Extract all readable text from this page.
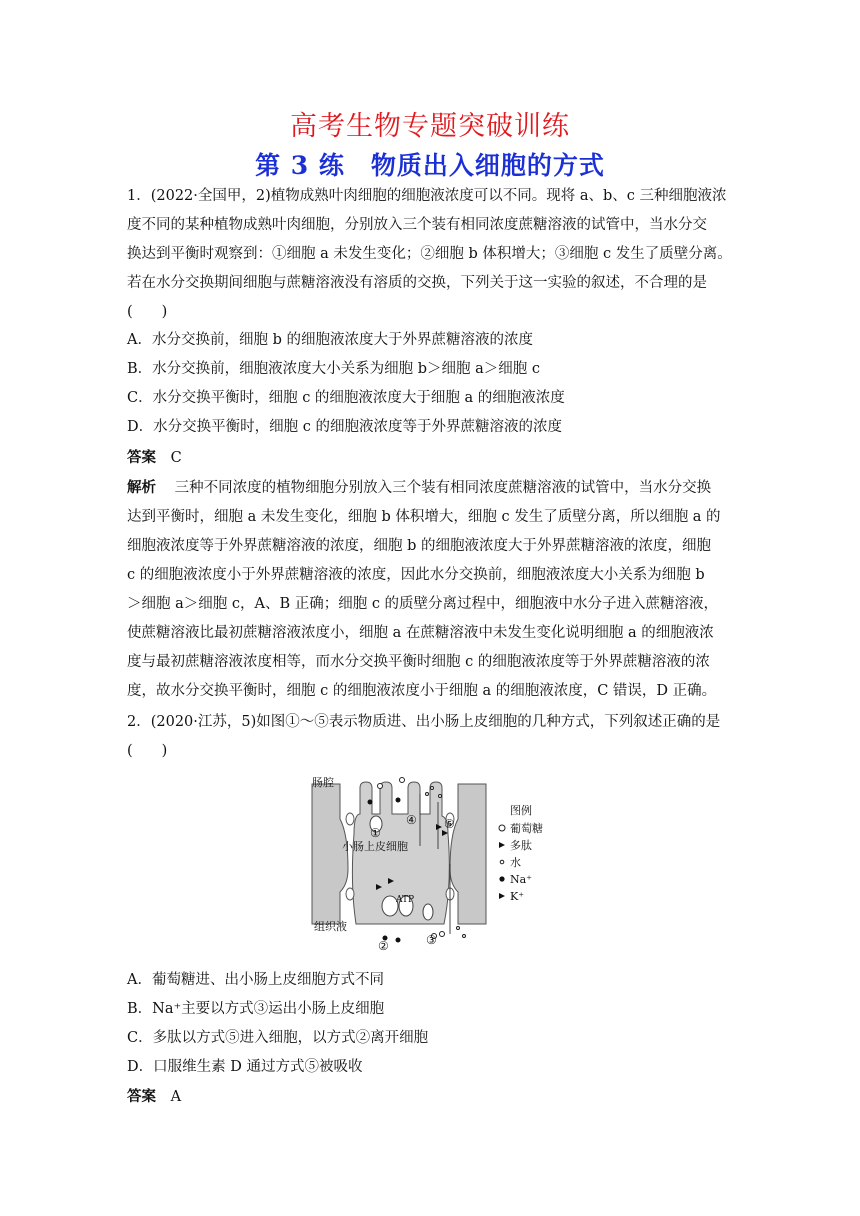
高考生物专题突破训练
第 3 练　物质出入细胞的方式
1．(2022·全国甲，2)植物成熟叶肉细胞的细胞液浓度可以不同。现将 a、b、c 三种细胞液浓
度不同的某种植物成熟叶肉细胞，分别放入三个装有相同浓度蔗糖溶液的试管中，当水分交
换达到平衡时观察到：①细胞 a 未发生变化；②细胞 b 体积增大；③细胞 c 发生了质壁分离。
若在水分交换期间细胞与蔗糖溶液没有溶质的交换，下列关于这一实验的叙述，不合理的是
(　　)
A．水分交换前，细胞 b 的细胞液浓度大于外界蔗糖溶液的浓度
B．水分交换前，细胞液浓度大小关系为细胞 b＞细胞 a＞细胞 c
C．水分交换平衡时，细胞 c 的细胞液浓度大于细胞 a 的细胞液浓度
D．水分交换平衡时，细胞 c 的细胞液浓度等于外界蔗糖溶液的浓度
答案 C
解析 三种不同浓度的植物细胞分别放入三个装有相同浓度蔗糖溶液的试管中，当水分交换
达到平衡时，细胞 a 未发生变化，细胞 b 体积增大，细胞 c 发生了质壁分离，所以细胞 a 的
细胞液浓度等于外界蔗糖溶液的浓度，细胞 b 的细胞液浓度大于外界蔗糖溶液的浓度，细胞
c 的细胞液浓度小于外界蔗糖溶液的浓度，因此水分交换前，细胞液浓度大小关系为细胞 b
＞细胞 a＞细胞 c，A、B 正确；细胞 c 的质壁分离过程中，细胞液中水分子进入蔗糖溶液，
使蔗糖溶液比最初蔗糖溶液浓度小，细胞 a 在蔗糖溶液中未发生变化说明细胞 a 的细胞液浓
度与最初蔗糖溶液浓度相等，而水分交换平衡时细胞 c 的细胞液浓度等于外界蔗糖溶液的浓
度，故水分交换平衡时，细胞 c 的细胞液浓度小于细胞 a 的细胞液浓度，C 错误，D 正确。
2．(2020·江苏，5)如图①～⑤表示物质进、出小肠上皮细胞的几种方式，下列叙述正确的是
(　　)
肠腔
小肠上皮细胞
组织液
ATP
①
②	③
④ ⑤
图例
葡萄糖
多肽
水
Na⁺
K⁺
A．葡萄糖进、出小肠上皮细胞方式不同
B．Na⁺主要以方式③运出小肠上皮细胞
C．多肽以方式⑤进入细胞，以方式②离开细胞
D．口服维生素 D 通过方式⑤被吸收
答案 A
